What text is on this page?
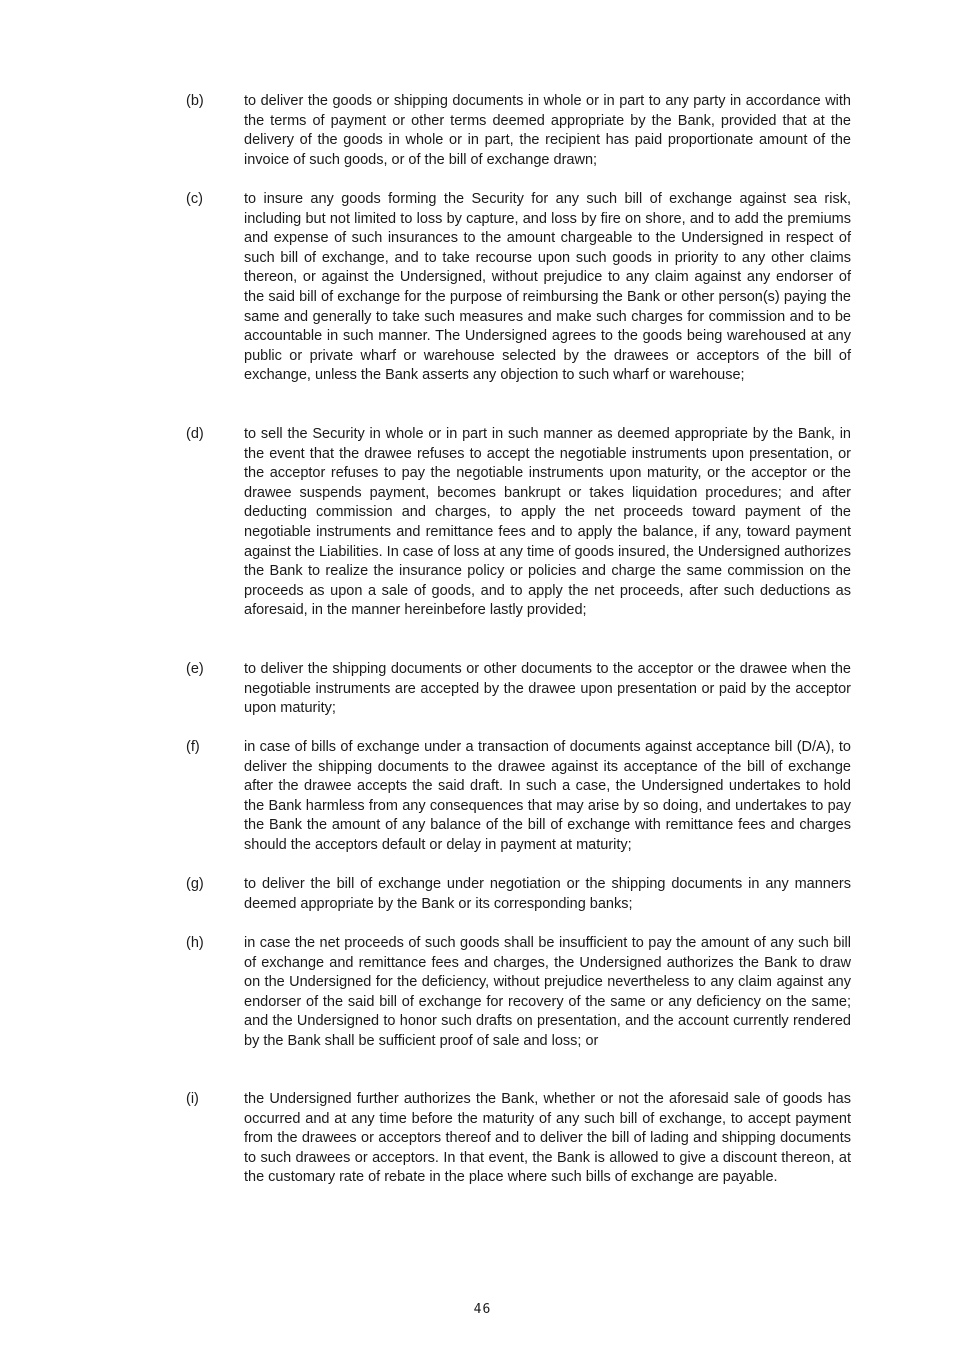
(b)	to deliver the goods or shipping documents in whole or in part to any party in accordance with the terms of payment or other terms deemed appropriate by the Bank, provided that at the delivery of the goods in whole or in part, the recipient has paid proportionate amount of the invoice of such goods, or of the bill of exchange drawn;
(c)	to insure any goods forming the Security for any such bill of exchange against sea risk, including but not limited to loss by capture, and loss by fire on shore, and to add the premiums and expense of such insurances to the amount chargeable to the Undersigned in respect of such bill of exchange, and to take recourse upon such goods in priority to any other claims thereon, or against the Undersigned, without prejudice to any claim against any endorser of the said bill of exchange for the purpose of reimbursing the Bank or other person(s) paying the same and generally to take such measures and make such charges for commission and to be accountable in such manner. The Undersigned agrees to the goods being warehoused at any public or private wharf or warehouse selected by the drawees or acceptors of the bill of exchange, unless the Bank asserts any objection to such wharf or warehouse;
(d)	to sell the Security in whole or in part in such manner as deemed appropriate by the Bank, in the event that the drawee refuses to accept the negotiable instruments upon presentation, or the acceptor refuses to pay the negotiable instruments upon maturity, or the acceptor or the drawee suspends payment, becomes bankrupt or takes liquidation procedures; and after deducting commission and charges, to apply the net proceeds toward payment of the negotiable instruments and remittance fees and to apply the balance, if any, toward payment against the Liabilities. In case of loss at any time of goods insured, the Undersigned authorizes the Bank to realize the insurance policy or policies and charge the same commission on the proceeds as upon a sale of goods, and to apply the net proceeds, after such deductions as aforesaid, in the manner hereinbefore lastly provided;
(e)	to deliver the shipping documents or other documents to the acceptor or the drawee when the negotiable instruments are accepted by the drawee upon presentation or paid by the acceptor upon maturity;
(f)	in case of bills of exchange under a transaction of documents against acceptance bill (D/A), to deliver the shipping documents to the drawee against its acceptance of the bill of exchange after the drawee accepts the said draft. In such a case, the Undersigned undertakes to hold the Bank harmless from any consequences that may arise by so doing, and undertakes to pay the Bank the amount of any balance of the bill of exchange with remittance fees and charges should the acceptors default or delay in payment at maturity;
(g)	to deliver the bill of exchange under negotiation or the shipping documents in any manners deemed appropriate by the Bank or its corresponding banks;
(h)	in case the net proceeds of such goods shall be insufficient to pay the amount of any such bill of exchange and remittance fees and charges, the Undersigned authorizes the Bank to draw on the Undersigned for the deficiency, without prejudice nevertheless to any claim against any endorser of the said bill of exchange for recovery of the same or any deficiency on the same; and the Undersigned to honor such drafts on presentation, and the account currently rendered by the Bank shall be sufficient proof of sale and loss; or
(i)	the Undersigned further authorizes the Bank, whether or not the aforesaid sale of goods has occurred and at any time before the maturity of any such bill of exchange, to accept payment from the drawees or acceptors thereof and to deliver the bill of lading and shipping documents to such drawees or acceptors. In that event, the Bank is allowed to give a discount thereon, at the customary rate of rebate in the place where such bills of exchange are payable.
46
